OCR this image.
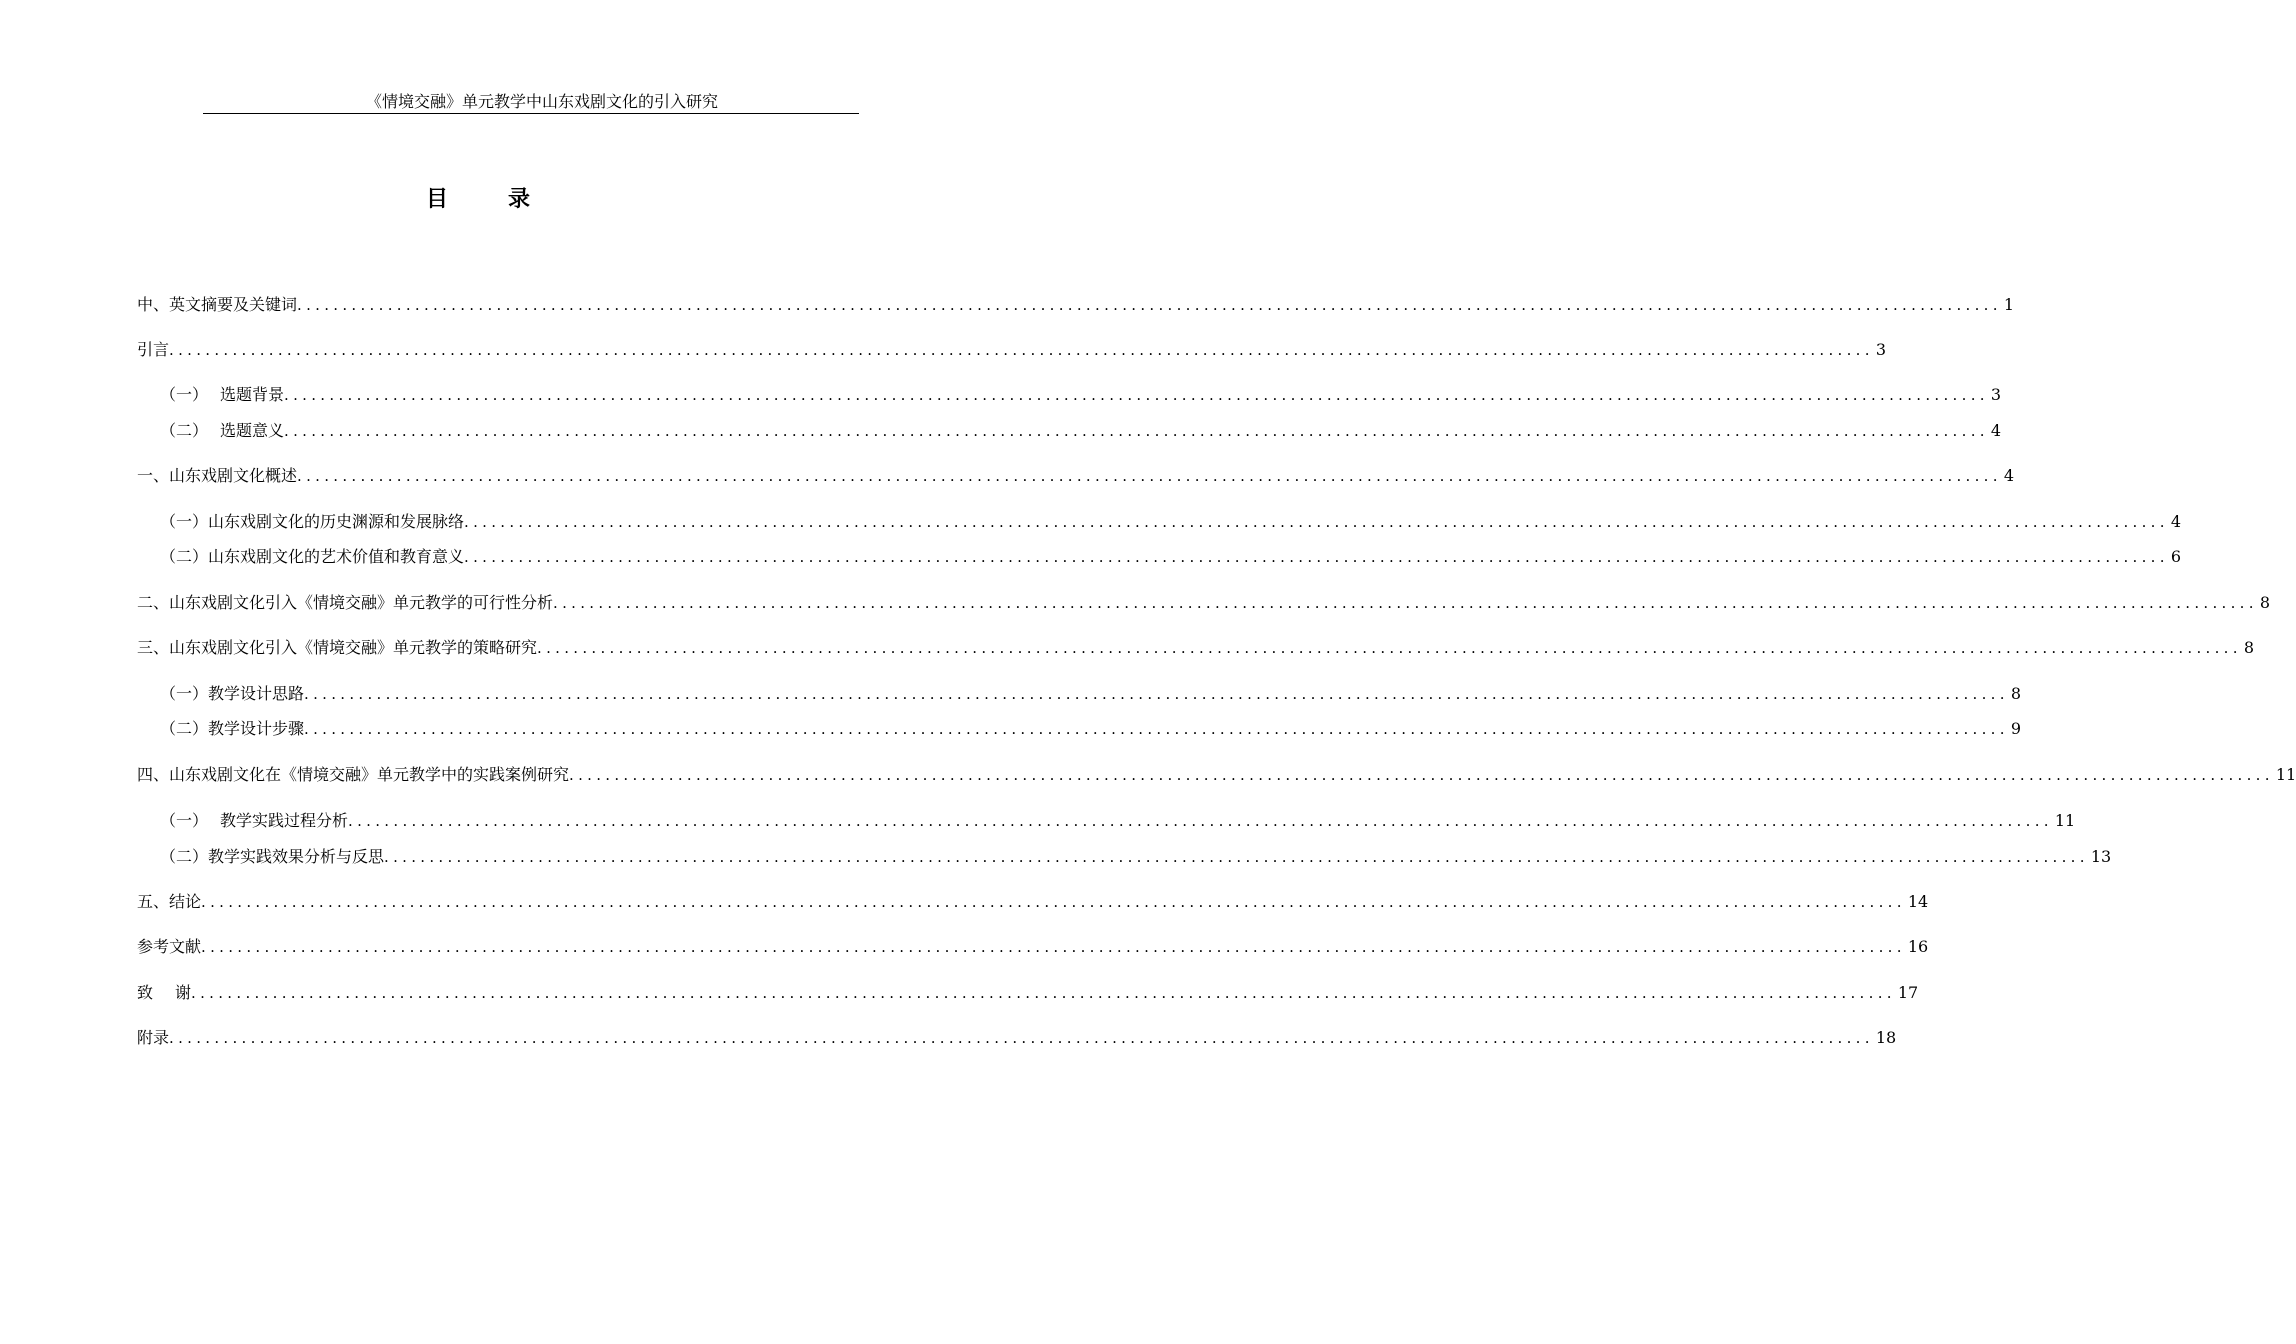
《情境交融》单元教学中山东戏剧文化的引入研究
目	录
中、英文摘要及关键词 ............................................................................................................................................................................................ 1
引言 ............................................................................................................................................................................................ 3
（一） 选题背景 ............................................................................................................................................................................................ 3
（二） 选题意义 ............................................................................................................................................................................................ 4
一、山东戏剧文化概述 ............................................................................................................................................................................................ 4
（一）山东戏剧文化的历史渊源和发展脉络 ............................................................................................................................................................................................ 4
（二）山东戏剧文化的艺术价值和教育意义 ............................................................................................................................................................................................ 6
二、山东戏剧文化引入《情境交融》单元教学的可行性分析 ............................................................................................................................................................................................ 8
三、山东戏剧文化引入《情境交融》单元教学的策略研究 ............................................................................................................................................................................................ 8
（一）教学设计思路 ............................................................................................................................................................................................ 8
（二）教学设计步骤 ............................................................................................................................................................................................ 9
四、山东戏剧文化在《情境交融》单元教学中的实践案例研究 ............................................................................................................................................................................................ 11
（一） 教学实践过程分析 ............................................................................................................................................................................................ 11
（二）教学实践效果分析与反思 ............................................................................................................................................................................................ 13
五、结论 ............................................................................................................................................................................................ 14
参考文献 ............................................................................................................................................................................................ 16
致 谢 ............................................................................................................................................................................................ 17
附录 ............................................................................................................................................................................................ 18
